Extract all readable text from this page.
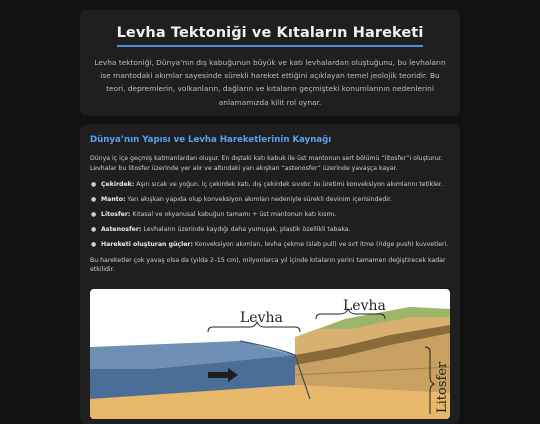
Levha Tektoniği ve Kıtaların Hareketi

Levha tektoniği, Dünya’nın dış kabuğunun büyük ve katı levhalardan oluştuğunu, bu levhaların ise mantodaki akımlar sayesinde sürekli hareket ettiğini açıklayan temel jeolojik teoridir. Bu teori, depremlerin, volkanların, dağların ve kıtaların geçmişteki konumlarının nedenlerini anlamamızda kilit rol oynar.

Dünya’nın Yapısı ve Levha Hareketlerinin Kaynağı

Dünya iç içe geçmiş katmanlardan oluşur. En dıştaki katı kabuk ile üst mantonun sert bölümü “litosfer”i oluşturur. Levhalar bu litosfer üzerinde yer alır ve altındaki yarı akışkan “astenosfer” üzerinde yavaşça kayar.

● Çekirdek: Aşırı sıcak ve yoğun. İç çekirdek katı, dış çekirdek sıvıdır. Isı üretimi konveksiyon akımlarını tetikler.
● Manto: Yarı akışkan yapıda olup konveksiyon akımları nedeniyle sürekli devinim içerisindedir.
● Litosfer: Kıtasal ve okyanusal kabuğun tamamı + üst mantonun katı kısmı.
● Astenosfer: Levhaların üzerinde kaydığı daha yumuşak, plastik özellikli tabaka.
● Hareketi oluşturan güçler: Konveksiyon akımları, levha çekme (slab pull) ve sırt itme (ridge push) kuvvetleri.

Bu hareketler çok yavaş olsa da (yılda 2–15 cm), milyonlarca yıl içinde kıtaların yerini tamamen değiştirecek kadar etkilidir.

Levha
Levha
Litosfer
